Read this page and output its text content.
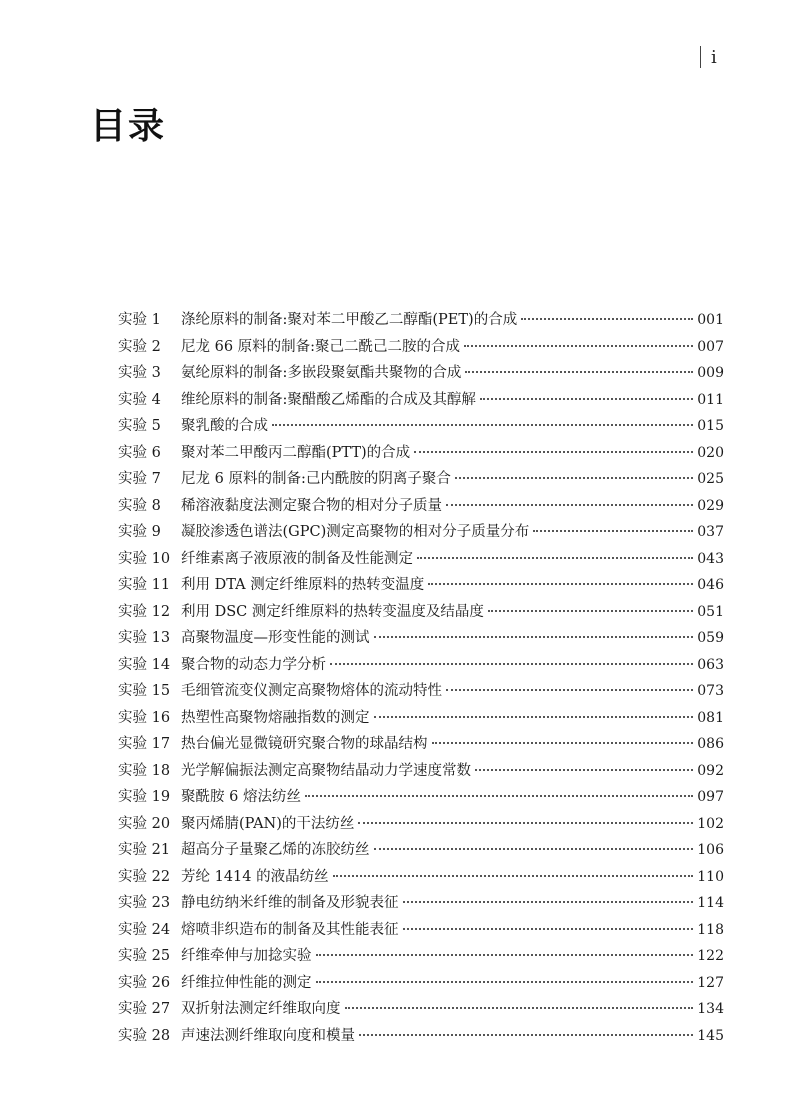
i
目录
实验 1	涤纶原料的制备:聚对苯二甲酸乙二醇酯(PET)的合成	001
实验 2	尼龙 66 原料的制备:聚己二酰己二胺的合成	007
实验 3	氨纶原料的制备:多嵌段聚氨酯共聚物的合成	009
实验 4	维纶原料的制备:聚醋酸乙烯酯的合成及其醇解	011
实验 5	聚乳酸的合成	015
实验 6	聚对苯二甲酸丙二醇酯(PTT)的合成	020
实验 7	尼龙 6 原料的制备:己内酰胺的阴离子聚合	025
实验 8	稀溶液黏度法测定聚合物的相对分子质量	029
实验 9	凝胶渗透色谱法(GPC)测定高聚物的相对分子质量分布	037
实验 10 纤维素离子液原液的制备及性能测定	043
实验 11 利用 DTA 测定纤维原料的热转变温度	046
实验 12 利用 DSC 测定纤维原料的热转变温度及结晶度	051
实验 13 高聚物温度—形变性能的测试	059
实验 14 聚合物的动态力学分析	063
实验 15 毛细管流变仪测定高聚物熔体的流动特性	073
实验 16 热塑性高聚物熔融指数的测定	081
实验 17 热台偏光显微镜研究聚合物的球晶结构	086
实验 18 光学解偏振法测定高聚物结晶动力学速度常数	092
实验 19 聚酰胺 6 熔法纺丝	097
实验 20 聚丙烯腈(PAN)的干法纺丝	102
实验 21 超高分子量聚乙烯的冻胶纺丝	106
实验 22 芳纶 1414 的液晶纺丝	110
实验 23 静电纺纳米纤维的制备及形貌表征	114
实验 24 熔喷非织造布的制备及其性能表征	118
实验 25 纤维牵伸与加捻实验	122
实验 26 纤维拉伸性能的测定	127
实验 27 双折射法测定纤维取向度	134
实验 28 声速法测纤维取向度和模量	145
